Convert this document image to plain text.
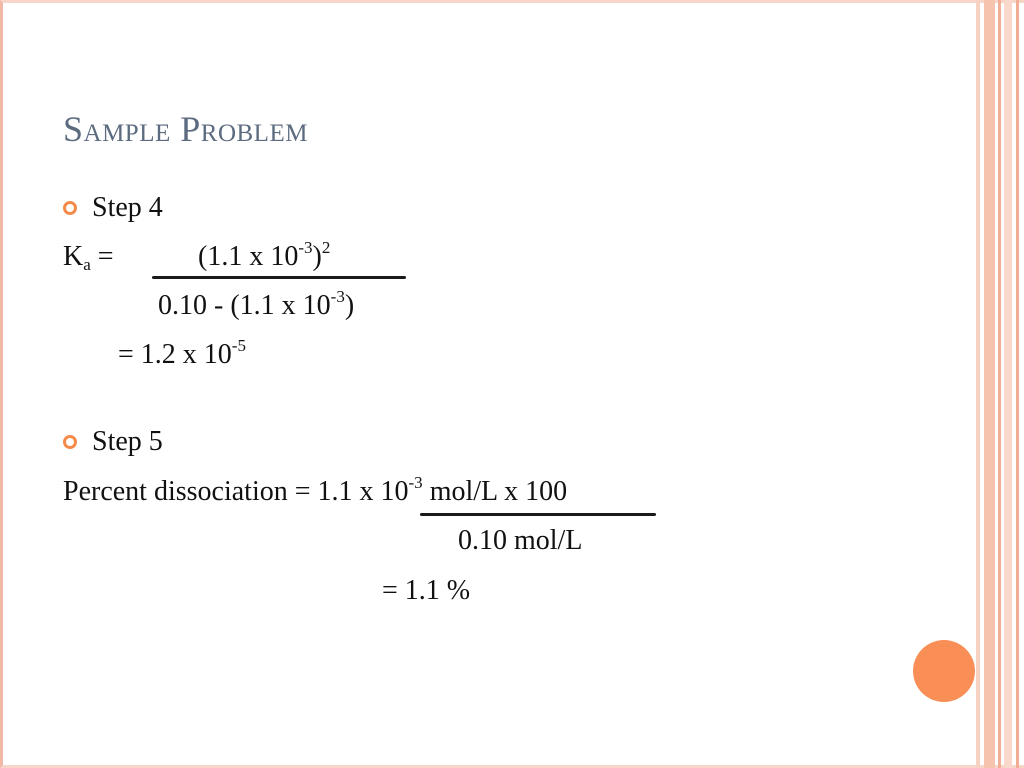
Sample Problem
Step 4
$K_a$ =	(1.1 x $10^{-3})^2$
0.10 - (1.1 x $10^{-3}$)
= 1.2 x $10^{-5}$
Step 5
Percent dissociation = 1.1 x $10^{-3}$ mol/L x 100
0.10 mol/L
= 1.1 %
